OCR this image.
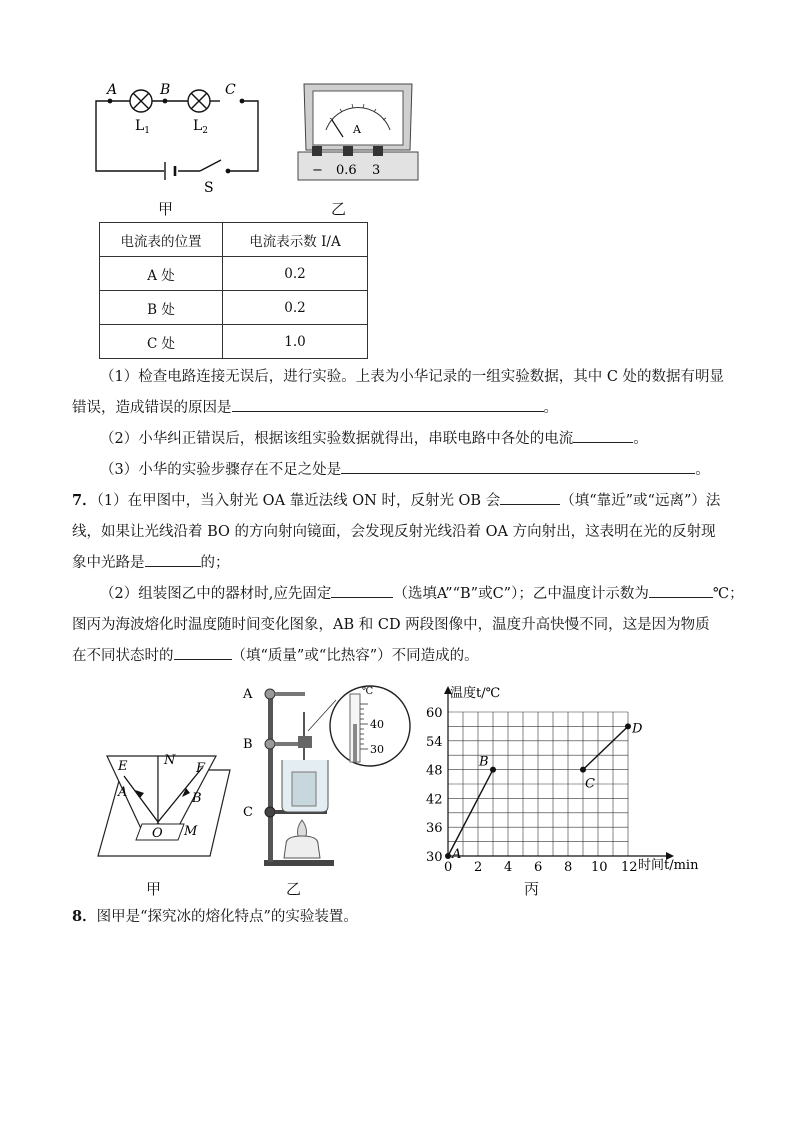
A	B	C
$L_1$	$L_2$
S
甲
A
− 0.6 3
乙
电流表的位置	电流表示数 I/A
A 处	0.2
B 处	0.2
C 处	1.0
（1）检查电路连接无误后，进行实验。上表为小华记录的一组实验数据，其中 C 处的数据有明显
错误，造成错误的原因是	。
（2）小华纠正错误后，根据该组实验数据就得出，串联电路中各处的电流	。
（3）小华的实验步骤存在不足之处是	。
7．（1）在甲图中，当入射光 OA 靠近法线 ON 时，反射光 OB 会	（填“靠近”或“远离”）法
线，如果让光线沿着 BO 的方向射向镜面，会发现反射光线沿着 OA 方向射出，这表明在光的反射现
象中光路是	的；
（2）组装图乙中的器材时,应先固定	（选填A”“B”或C”）；乙中温度计示数为	℃；
图丙为海波熔化时温度随时间变化图象，AB 和 CD 两段图像中，温度升高快慢不同，这是因为物质
在不同状态时的	（填“质量”或“比热容”）不同造成的。
E	N
F
A	B
O M
甲
A
B
C
℃
40
30
乙
0 2 4 6 8 10 12
30
36
42
48
54
60
A
B
C
D
温度t/℃
时间t/min
丙
8．图甲是“探究冰的熔化特点”的实验装置。
